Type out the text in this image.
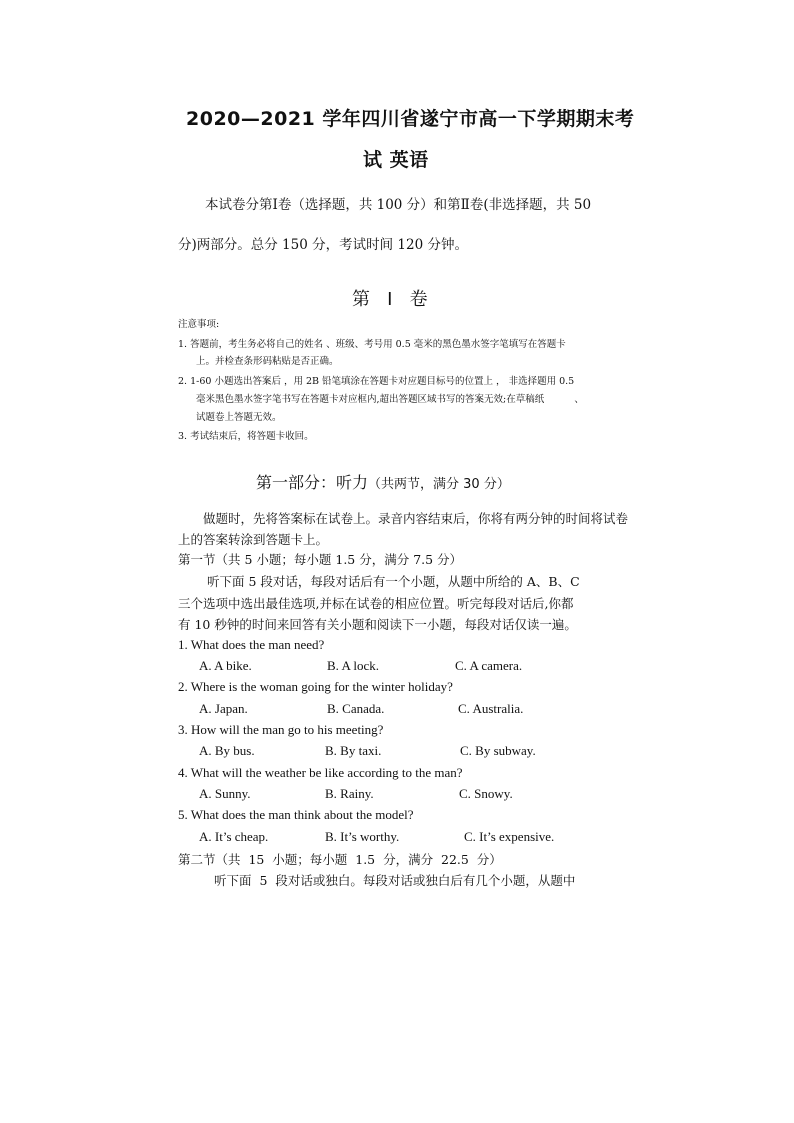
2020—2021 学年四川省遂宁市高一下学期期末考
试 英语
本试卷分第Ⅰ卷（选择题，共 100 分）和第Ⅱ卷(非选择题，共 50
分)两部分。总分 150 分，考试时间 120 分钟。
第   Ⅰ   卷
注意事项:
1. 答题前，考生务必将自己的姓名 、班级、考号用 0.5 毫米的黑色墨水签字笔填写在答题卡
上。并检查条形码粘贴是否正确。
2. 1-60 小题选出答案后 ，用 2B 铅笔填涂在答题卡对应题目标号的位置上 ， 非选择题用 0.5
毫米黑色墨水签字笔书写在答题卡对应框内,超出答题区域书写的答案无效;在草稿纸          、
试题卷上答题无效。
3. 考试结束后，将答题卡收回。
第一部分：听力（共两节，满分 30 分）
做题时，先将答案标在试卷上。录音内容结束后，你将有两分钟的时间将试卷
上的答案转涂到答题卡上。
第一节（共 5 小题；每小题 1.5 分，满分 7.5 分）
听下面 5 段对话，每段对话后有一个小题，从题中所给的 A、B、C
三个选项中选出最佳选项,并标在试卷的相应位置。听完每段对话后,你都
有 10 秒钟的时间来回答有关小题和阅读下一小题，每段对话仅读一遍。
1. What does the man need?
A. A bike.	B. A lock.	C. A camera.
2. Where is the woman going for the winter holiday?
A. Japan.	B. Canada.	C. Australia.
3. How will the man go to his meeting?
A. By bus.	B. By taxi.	C. By subway.
4. What will the weather be like according to the man?
A. Sunny.	B. Rainy.	C. Snowy.
5. What does the man think about the model?
A. It’s cheap.	B. It’s worthy.	C. It’s expensive.
第二节（共  15  小题；每小题  1.5  分，满分  22.5  分）
听下面  5  段对话或独白。每段对话或独白后有几个小题，从题中
